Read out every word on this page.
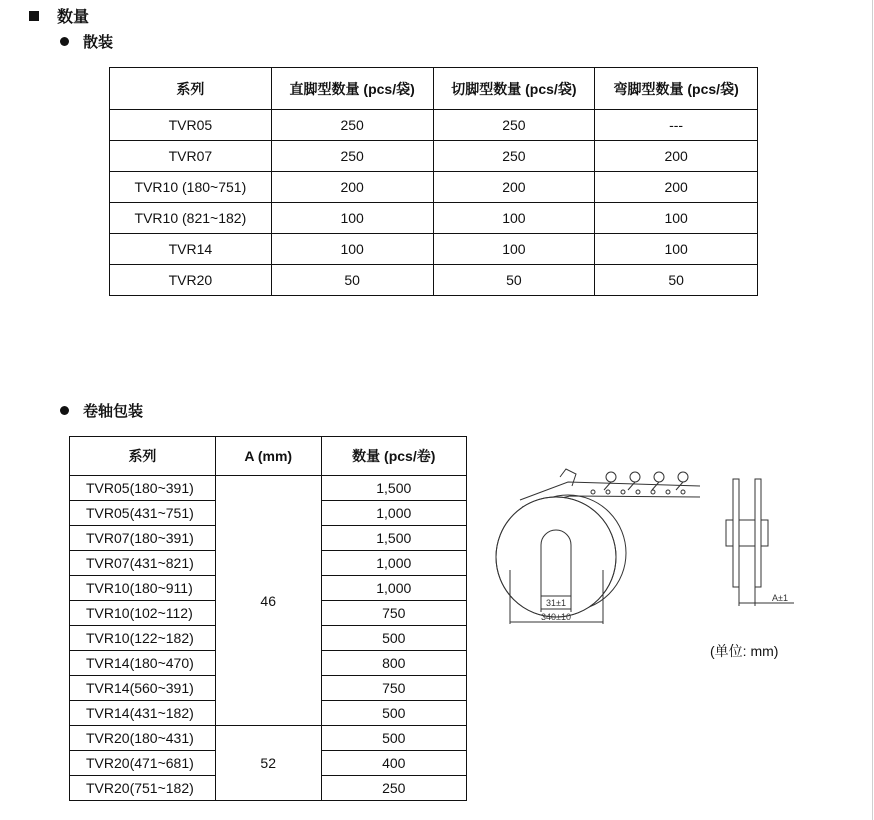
数量
散装
系列	直脚型数量 (pcs/袋)	切脚型数量 (pcs/袋)	弯脚型数量 (pcs/袋)
TVR05	250	250	---
TVR07	250	250	200
TVR10 (180~751)	200	200	200
TVR10 (821~182)	100	100	100
TVR14	100	100	100
TVR20	50	50	50
卷轴包装
系列	A (mm)	数量 (pcs/卷)
TVR05(180~391)	46	1,500
TVR05(431~751)		1,000
TVR07(180~391)		1,500
TVR07(431~821)		1,000
TVR10(180~911)		1,000
TVR10(102~112)		750
TVR10(122~182)		500
TVR14(180~470)		800
TVR14(560~391)		750
TVR14(431~182)		500
TVR20(180~431)	52	500
TVR20(471~681)		400
TVR20(751~182)		250
31±1
340±10
A±1
(单位: mm)
